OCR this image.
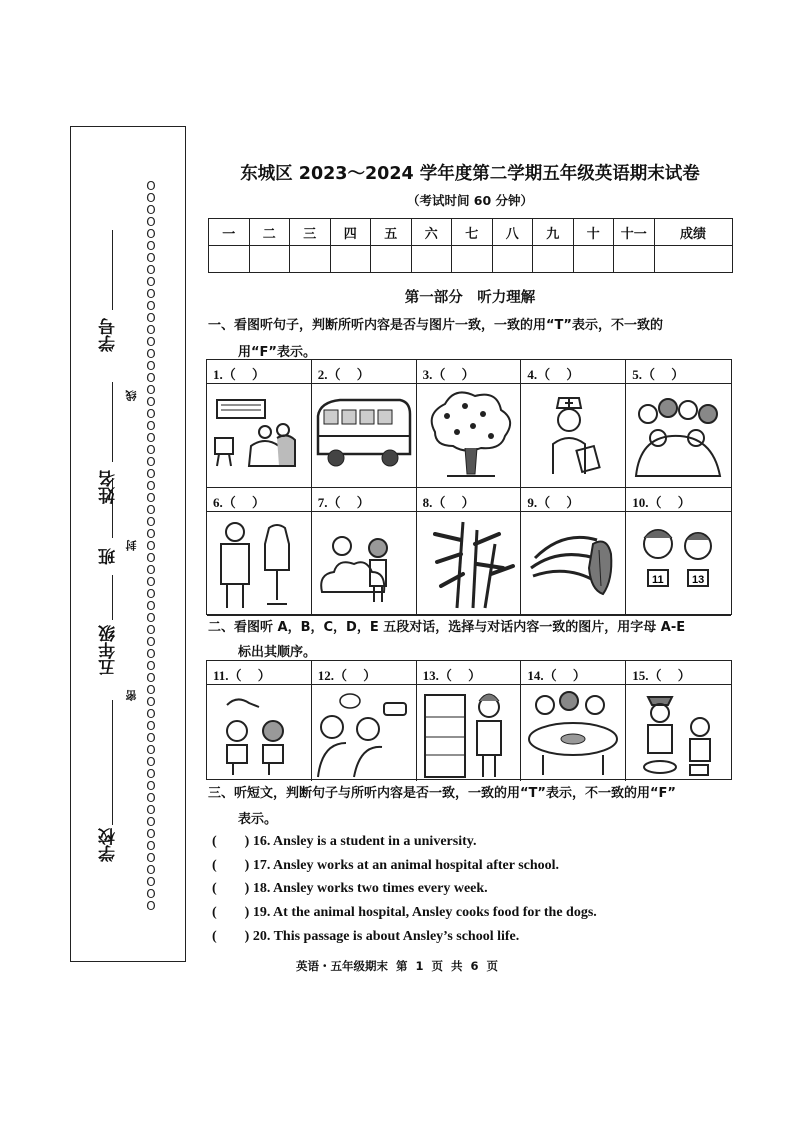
OOOOOOOOOOOOOOOOOOOOOOOOOOOOOOOOOOOOOOOOOOOOOOOOOOOOOOOOOOOOO
学校
密
五年级
班
封
姓名
线
学号
东城区 2023～2024 学年度第二学期五年级英语期末试卷
（考试时间 60 分钟）
一	二	三	四	五	六	七	八	九	十	十一	成绩

第一部分　听力理解
一、看图听句子，判断所听内容是否与图片一致，一致的用“T”表示，不一致的
用“F”表示。
1.（　 ）	2.（　 ）	3.（　 ）	4.（　 ）	5.（　 ）
6.（　 ）	7.（　 ）	8.（　 ）	9.（　 ）	10.（　 ）
11	13
二、看图听 A，B，C，D，E 五段对话，选择与对话内容一致的图片，用字母 A-E
标出其顺序。
11.（　 ）	12.（　 ）	13.（　 ）	14.（　 ）	15.（　 ）
三、听短文，判断句子与所听内容是否一致，一致的用“T”表示，不一致的用“F”
表示。
(　　) 16. Ansley is a student in a university.
(　　) 17. Ansley works at an animal hospital after school.
(　　) 18. Ansley works two times every week.
(　　) 19. At the animal hospital, Ansley cooks food for the dogs.
(　　) 20. This passage is about Ansley’s school life.
英语・五年级期末 第 1 页 共 6 页
